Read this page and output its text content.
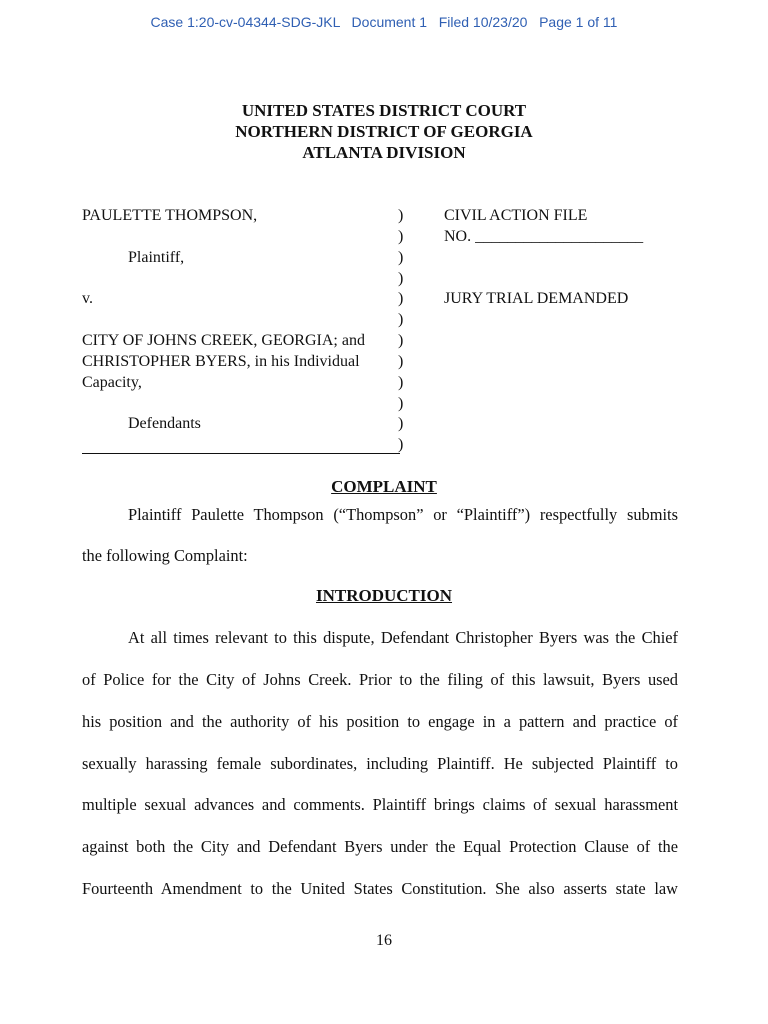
Case 1:20-cv-04344-SDG-JKL   Document 1   Filed 10/23/20   Page 1 of 11
UNITED STATES DISTRICT COURT
NORTHERN DISTRICT OF GEORGIA
ATLANTA DIVISION
PAULETTE THOMPSON,
Plaintiff,
v.
CITY OF JOHNS CREEK, GEORGIA; and
CHRISTOPHER BYERS, in his Individual
Capacity,
Defendants
)
)
)
)
)
)
)
)
)
)
)
)
CIVIL ACTION FILE
NO. _____________________
JURY TRIAL DEMANDED
COMPLAINT
Plaintiff Paulette Thompson (“Thompson” or “Plaintiff”) respectfully submits
the following Complaint:
INTRODUCTION
At all times relevant to this dispute, Defendant Christopher Byers was the Chief
of Police for the City of Johns Creek. Prior to the filing of this lawsuit, Byers used
his position and the authority of his position to engage in a pattern and practice of
sexually harassing female subordinates, including Plaintiff. He subjected Plaintiff to
multiple sexual advances and comments. Plaintiff brings claims of sexual harassment
against both the City and Defendant Byers under the Equal Protection Clause of the
Fourteenth Amendment to the United States Constitution. She also asserts state law
16
